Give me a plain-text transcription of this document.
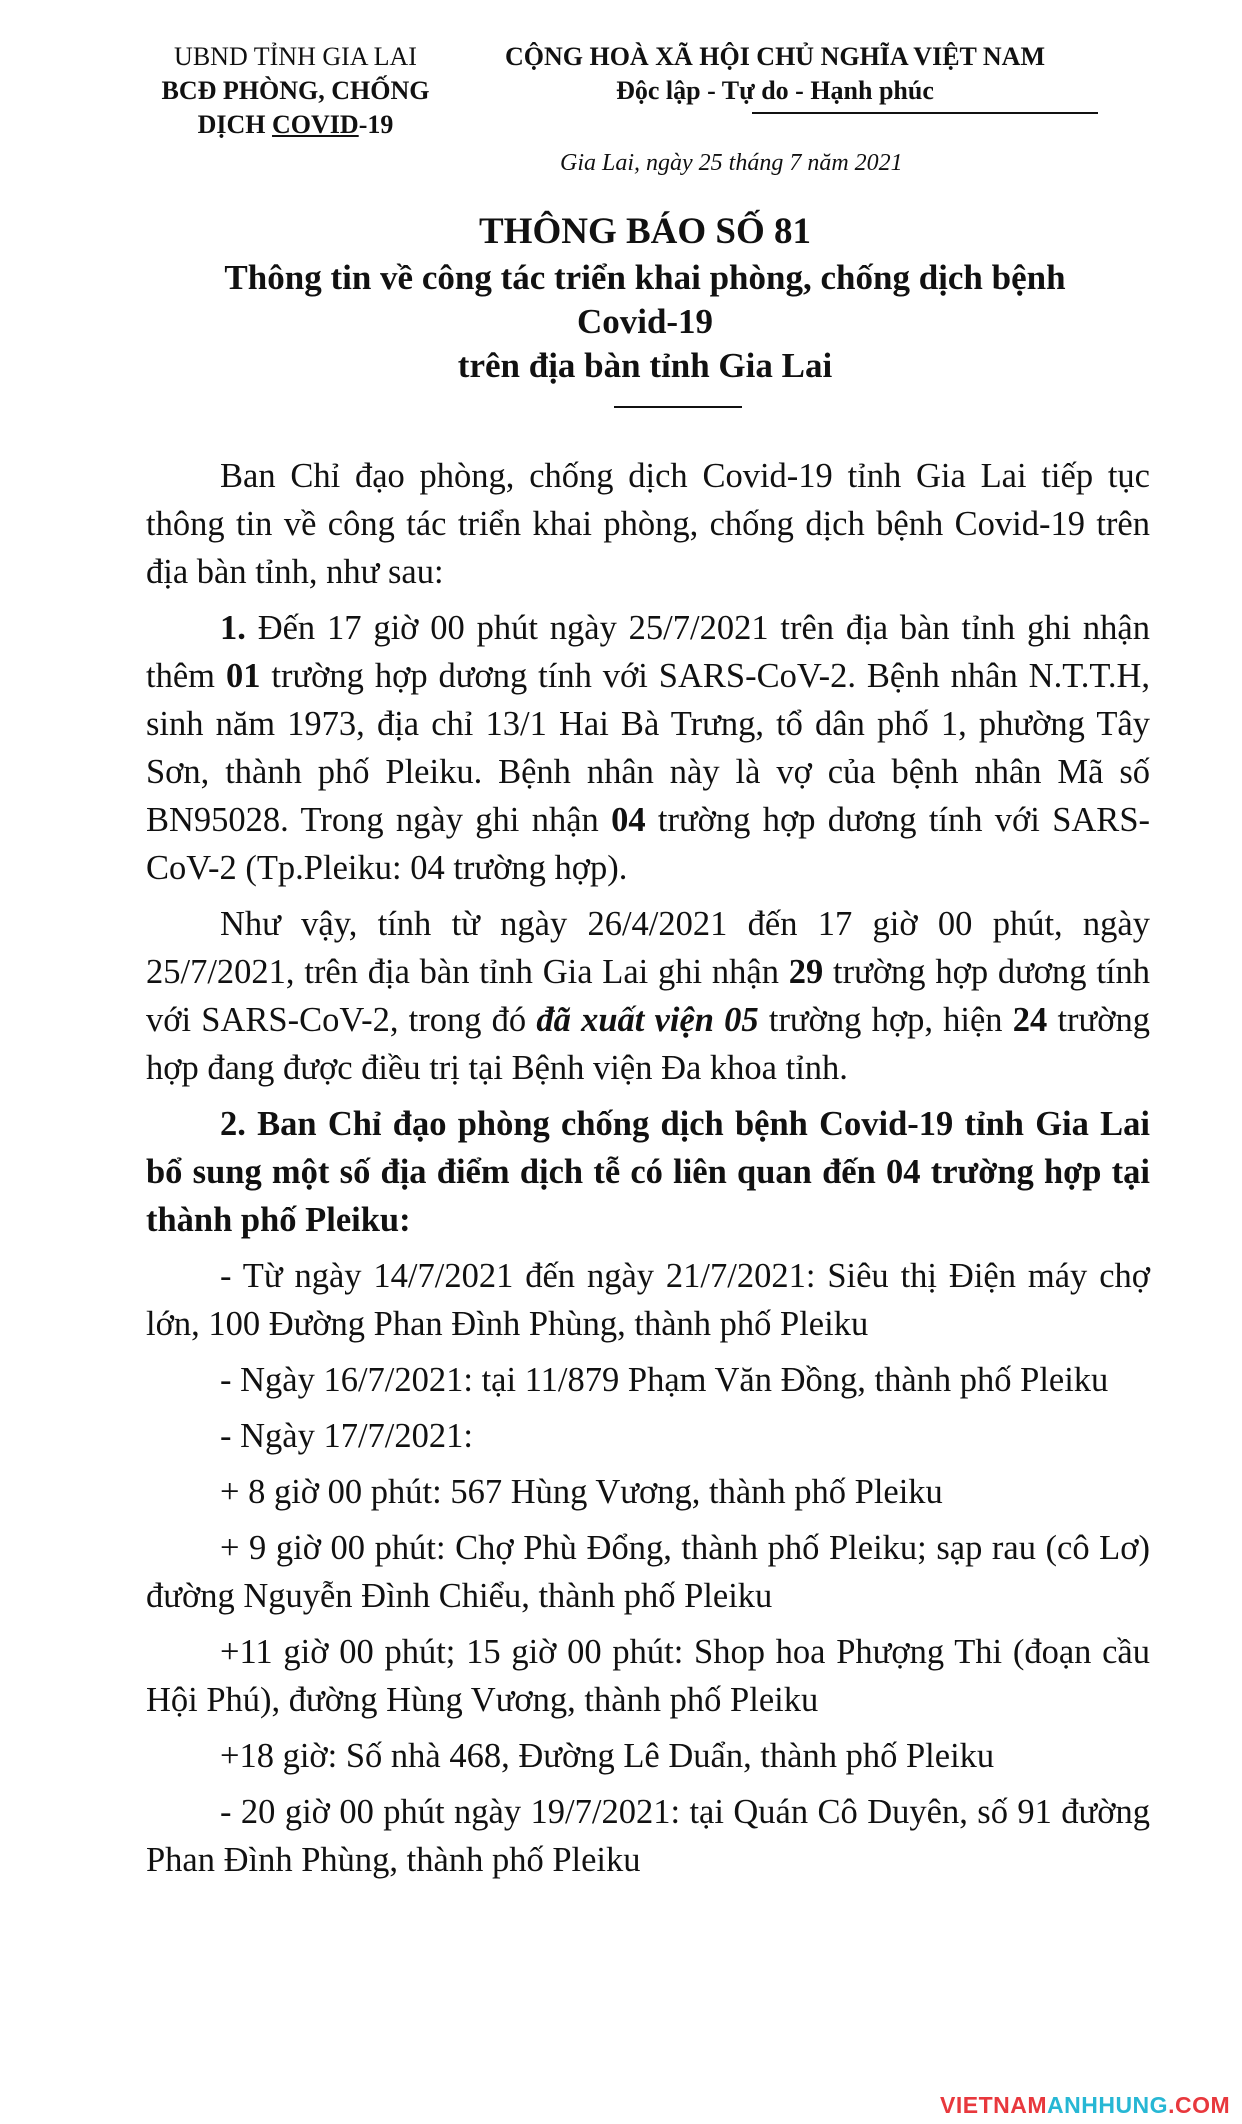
UBND TỈNH GIA LAI
BCĐ PHÒNG, CHỐNG
DỊCH COVID-19
CỘNG HOÀ XÃ HỘI CHỦ NGHĨA VIỆT NAM
Độc lập - Tự do - Hạnh phúc
Gia Lai, ngày 25 tháng 7 năm 2021
THÔNG BÁO SỐ 81
Thông tin về công tác triển khai phòng, chống dịch bệnh
Covid-19
trên địa bàn tỉnh Gia Lai

Ban Chỉ đạo phòng, chống dịch Covid-19 tỉnh Gia Lai tiếp tục thông tin về công tác triển khai phòng, chống dịch bệnh Covid-19 trên địa bàn tỉnh, như sau:

1. Đến 17 giờ 00 phút ngày 25/7/2021 trên địa bàn tỉnh ghi nhận thêm 01 trường hợp dương tính với SARS-CoV-2. Bệnh nhân N.T.T.H, sinh năm 1973, địa chỉ 13/1 Hai Bà Trưng, tổ dân phố 1, phường Tây Sơn, thành phố Pleiku. Bệnh nhân này là vợ của bệnh nhân Mã số BN95028. Trong ngày ghi nhận 04 trường hợp dương tính với SARS-CoV-2 (Tp.Pleiku: 04 trường hợp).

Như vậy, tính từ ngày 26/4/2021 đến 17 giờ 00 phút, ngày 25/7/2021, trên địa bàn tỉnh Gia Lai ghi nhận 29 trường hợp dương tính với SARS-CoV-2, trong đó đã xuất viện 05 trường hợp, hiện 24 trường hợp đang được điều trị tại Bệnh viện Đa khoa tỉnh.

2. Ban Chỉ đạo phòng chống dịch bệnh Covid-19 tỉnh Gia Lai bổ sung một số địa điểm dịch tễ có liên quan đến 04 trường hợp tại thành phố Pleiku:

- Từ ngày 14/7/2021 đến ngày 21/7/2021: Siêu thị Điện máy chợ lớn, 100 Đường Phan Đình Phùng, thành phố Pleiku

- Ngày 16/7/2021: tại 11/879 Phạm Văn Đồng, thành phố Pleiku

- Ngày 17/7/2021:

+ 8 giờ 00 phút: 567 Hùng Vương, thành phố Pleiku

+ 9 giờ 00 phút: Chợ Phù Đổng, thành phố Pleiku; sạp rau (cô Lơ) đường Nguyễn Đình Chiểu, thành phố Pleiku

+11 giờ 00 phút; 15 giờ 00 phút: Shop hoa Phượng Thi (đoạn cầu Hội Phú), đường Hùng Vương, thành phố Pleiku

+18 giờ: Số nhà 468, Đường Lê Duẩn, thành phố Pleiku

- 20 giờ 00 phút ngày 19/7/2021: tại Quán Cô Duyên, số 91 đường Phan Đình Phùng, thành phố Pleiku

VIETNAMANHHUNG.COM
